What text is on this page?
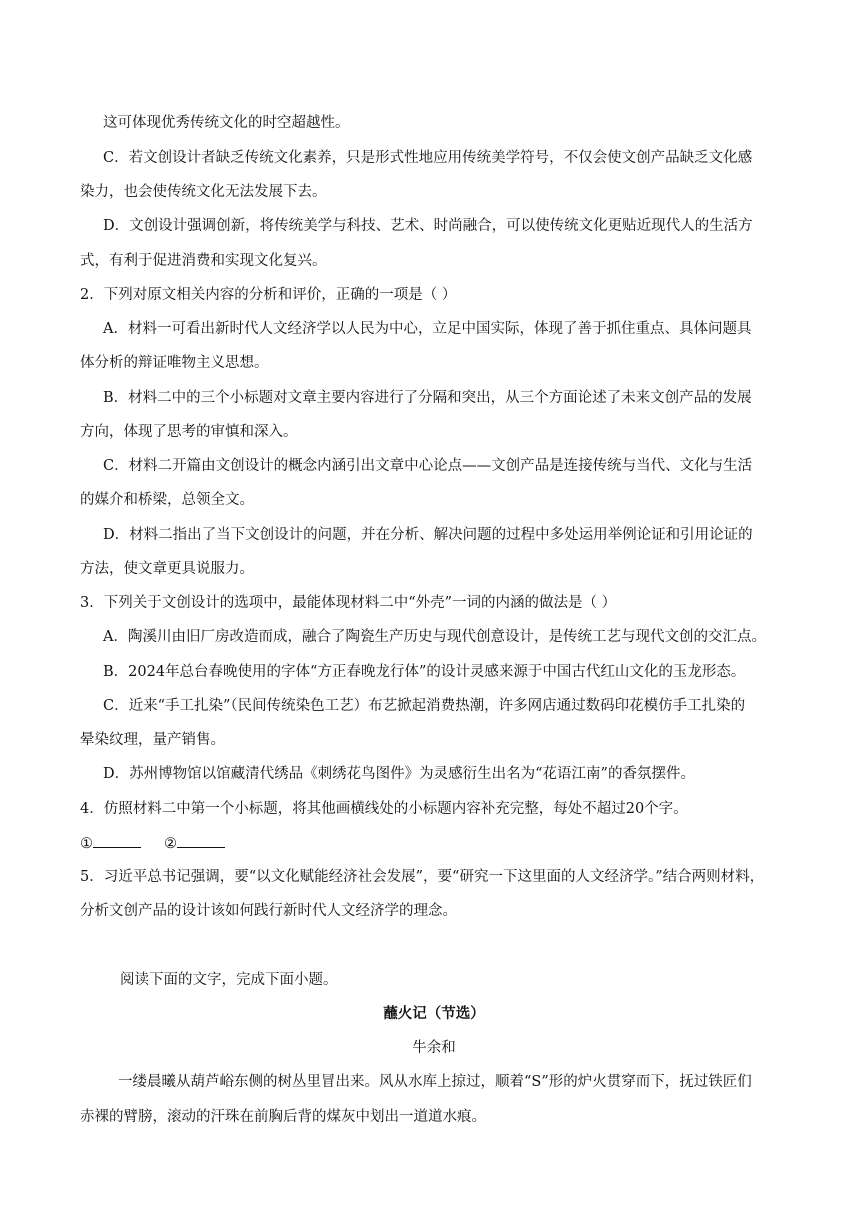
这可体现优秀传统文化的时空超越性。
C．若文创设计者缺乏传统文化素养，只是形式性地应用传统美学符号，不仅会使文创产品缺乏文化感
染力，也会使传统文化无法发展下去。
D．文创设计强调创新，将传统美学与科技、艺术、时尚融合，可以使传统文化更贴近现代人的生活方
式，有利于促进消费和实现文化复兴。
2．下列对原文相关内容的分析和评价，正确的一项是（ ）
A．材料一可看出新时代人文经济学以人民为中心，立足中国实际，体现了善于抓住重点、具体问题具
体分析的辩证唯物主义思想。
B．材料二中的三个小标题对文章主要内容进行了分隔和突出，从三个方面论述了未来文创产品的发展
方向，体现了思考的审慎和深入。
C．材料二开篇由文创设计的概念内涵引出文章中心论点——文创产品是连接传统与当代、文化与生活
的媒介和桥梁，总领全文。
D．材料二指出了当下文创设计的问题，并在分析、解决问题的过程中多处运用举例论证和引用论证的
方法，使文章更具说服力。
3．下列关于文创设计的选项中，最能体现材料二中“外壳”一词的内涵的做法是（ ）
A．陶溪川由旧厂房改造而成，融合了陶瓷生产历史与现代创意设计，是传统工艺与现代文创的交汇点。
B．2024年总台春晚使用的字体“方正春晚龙行体”的设计灵感来源于中国古代红山文化的玉龙形态。
C．近来“手工扎染”（民间传统染色工艺）布艺掀起消费热潮，许多网店通过数码印花模仿手工扎染的
晕染纹理，量产销售。
D．苏州博物馆以馆藏清代绣品《刺绣花鸟图件》为灵感衍生出名为“花语江南”的香氛摆件。
4．仿照材料二中第一个小标题，将其他画横线处的小标题内容补充完整，每处不超过20个字。
①	②
5．习近平总书记强调，要“以文化赋能经济社会发展”，要“研究一下这里面的人文经济学。”结合两则材料，
分析文创产品的设计该如何践行新时代人文经济学的理念。
阅读下面的文字，完成下面小题。
蘸火记（节选）
牛余和
一缕晨曦从葫芦峪东侧的树丛里冒出来。风从水库上掠过，顺着“S”形的炉火贯穿而下，抚过铁匠们
赤裸的臂膀，滚动的汗珠在前胸后背的煤灰中划出一道道水痕。
